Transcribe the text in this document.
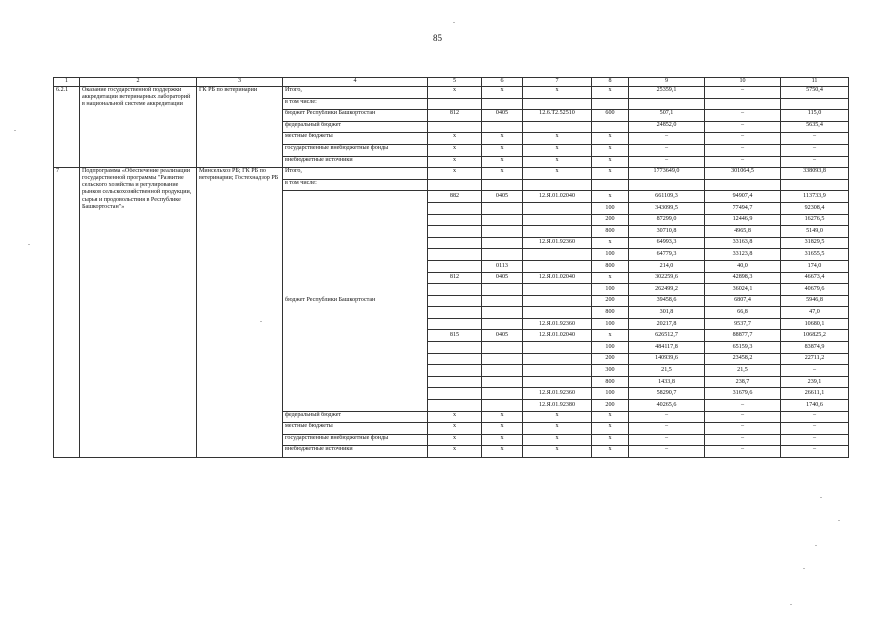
85
1	2	3	4	5	6	7	8	9	10	11
6.2.1	Оказание государственной поддержки аккредитации ветеринарных лабораторий в национальной системе аккредитации	ГК РБ по ветеринарии	Итого,	x	x	x	x	25359,1	–	5750,4
			в том числе:							
			бюджет Республики Башкортостан	812	0405	12.6.Т2.52510	600	507,1	–	115,0
			федеральный бюджет					24852,0	–	5635,4
			местные бюджеты	x	x	x	x	–	–	–
			государственные внебюджетные фонды	x	x	x	x	–	–	–
			внебюджетные источники	x	x	x	x	–	–	–
7	Подпрограмма «Обеспечение реализации государственной программы "Развитие сельского хозяйства и регулирование рынков сельскохозяйственной продукции, сырья и продовольствия в Республике Башкортостан"»	Минсельхоз РБ; ГК РБ по ветеринарии; Гостехнадзор РБ	Итого,	x	x	x	x	1773649,0	301064,5	338093,8
			в том числе:							
			бюджет Республики Башкортостан	882	0405	12.Я.01.02040	x	661109,3	94907,4	113733,9
							100	343099,5	77494,7	92308,4
							200	87299,0	12446,9	16276,5
							800	30710,8	4965,8	5149,0
						12.Я.01.92360	x	64993,3	33163,8	31829,5
							100	64779,3	33123,8	31655,5
					0113		800	214,0	40,0	174,0
				812	0405	12.Я.01.02040	x	302259,6	42898,3	46673,4
							100	262499,2	36024,1	40679,6
							200	39458,6	6807,4	5946,8
							800	301,8	66,8	47,0
						12.Я.01.92360	100	20217,8	9537,7	10680,1
				815	0405	12.Я.01.02040	x	626512,7	88877,7	106825,2
							100	484117,8	65159,3	83874,9
							200	140939,6	23458,2	22711,2
							300	21,5	21,5	–
							800	1433,8	238,7	239,1
						12.Я.01.92360	100	58290,7	31679,6	26611,1
						12.Я.01.92380	200	40265,6	–	1740,6
			федеральный бюджет	x	x	x	x	–	–	–
			местные бюджеты	x	x	x	x	–	–	–
			государственные внебюджетные фонды	x	x	x	x	–	–	–
			внебюджетные источники	x	x	x	x	–	–	–
